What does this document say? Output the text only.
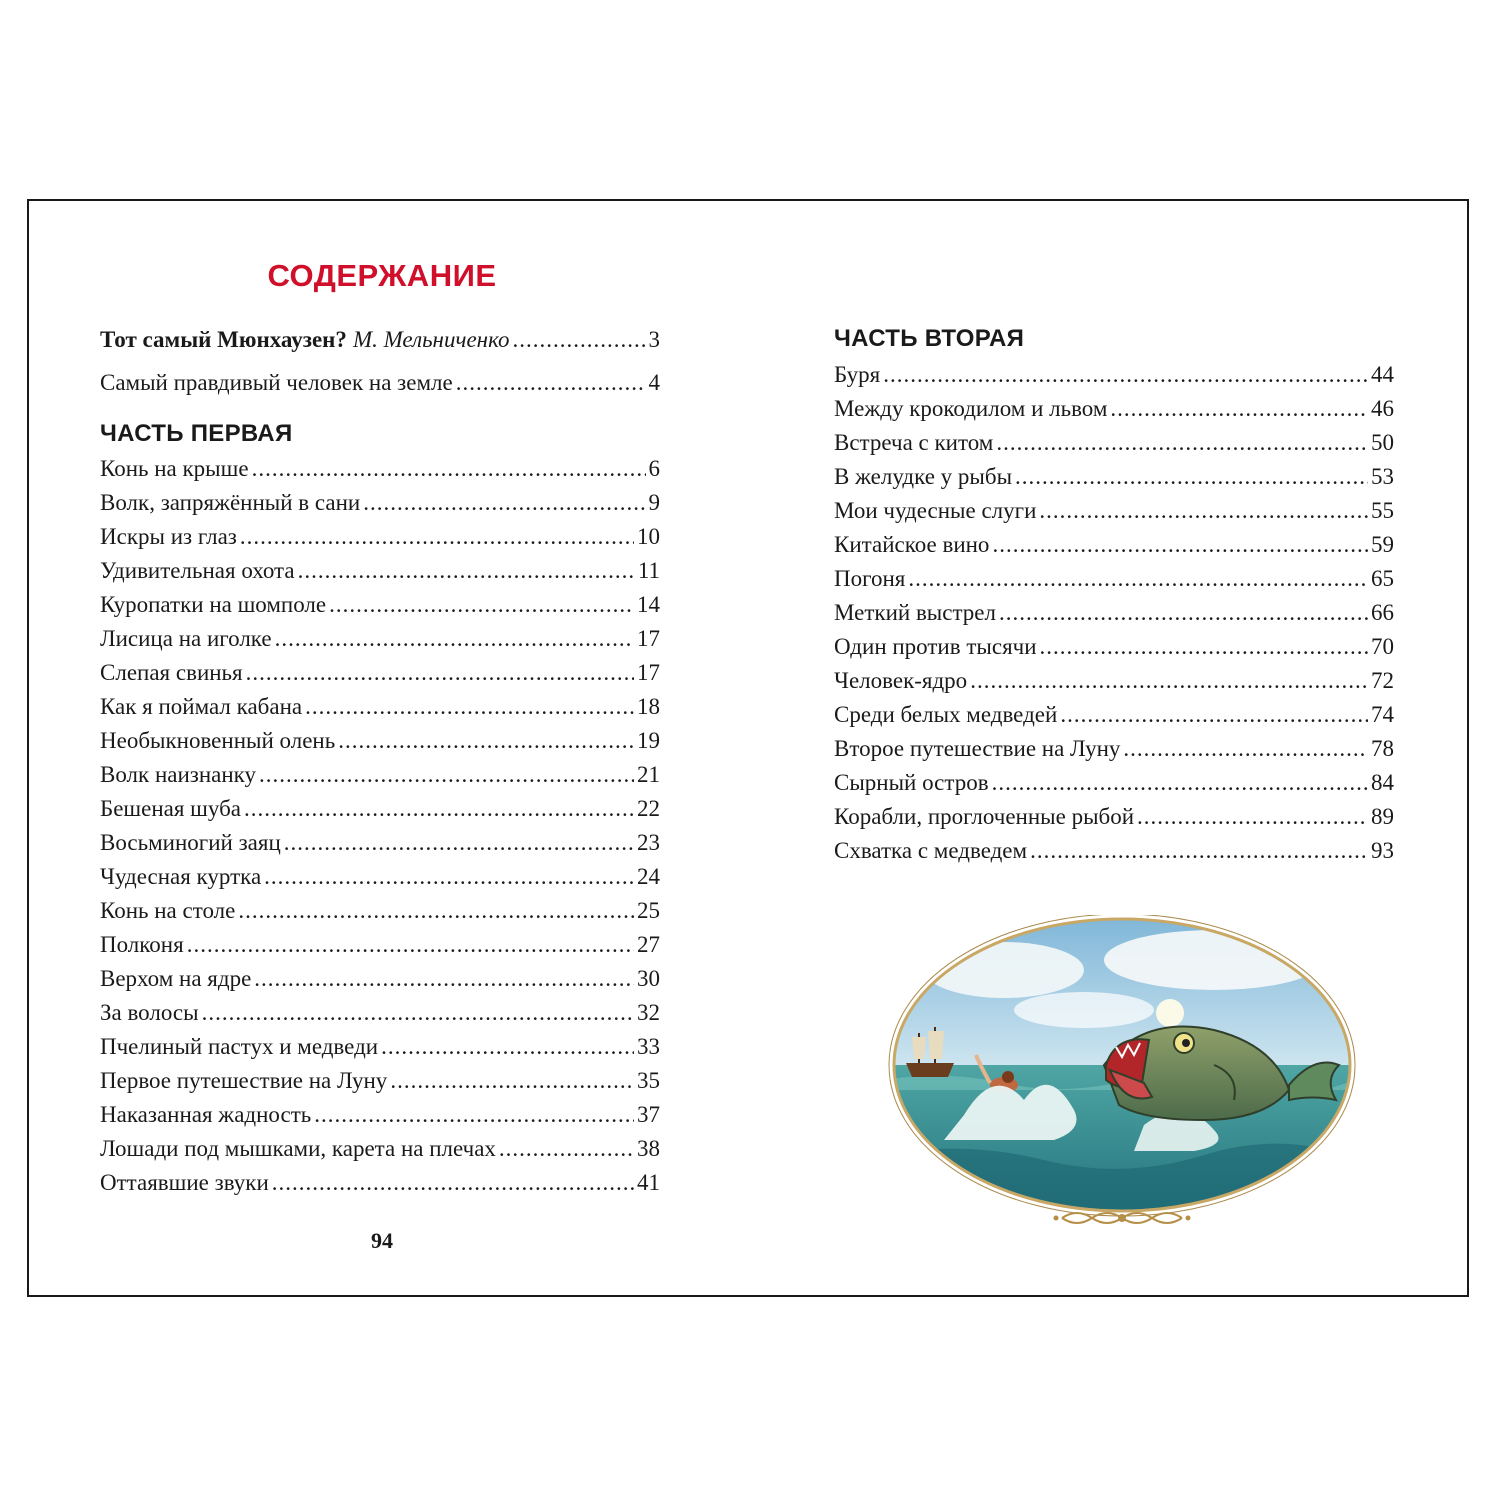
СОДЕРЖАНИЕ
Тот самый Мюнхаузен? М. Мельниченко .....	3
Самый правдивый человек на земле .....	4
ЧАСТЬ ПЕРВАЯ
Конь на крыше .....	6
Волк, запряжённый в сани .....	9
Искры из глаз .....	10
Удивительная охота .....	11
Куропатки на шомполе .....	14
Лисица на иголке .....	17
Слепая свинья .....	17
Как я поймал кабана .....	18
Необыкновенный олень .....	19
Волк наизнанку .....	21
Бешеная шуба .....	22
Восьминогий заяц .....	23
Чудесная куртка .....	24
Конь на столе .....	25
Полконя .....	27
Верхом на ядре .....	30
За волосы .....	32
Пчелиный пастух и медведи .....	33
Первое путешествие на Луну .....	35
Наказанная жадность .....	37
Лошади под мышками, карета на плечах .....	38
Оттаявшие звуки .....	41
94
ЧАСТЬ ВТОРАЯ
Буря .....	44
Между крокодилом и львом .....	46
Встреча с китом .....	50
В желудке у рыбы .....	53
Мои чудесные слуги .....	55
Китайское вино .....	59
Погоня .....	65
Меткий выстрел .....	66
Один против тысячи .....	70
Человек-ядро .....	72
Среди белых медведей .....	74
Второе путешествие на Луну .....	78
Сырный остров .....	84
Корабли, проглоченные рыбой .....	89
Схватка с медведем .....	93
